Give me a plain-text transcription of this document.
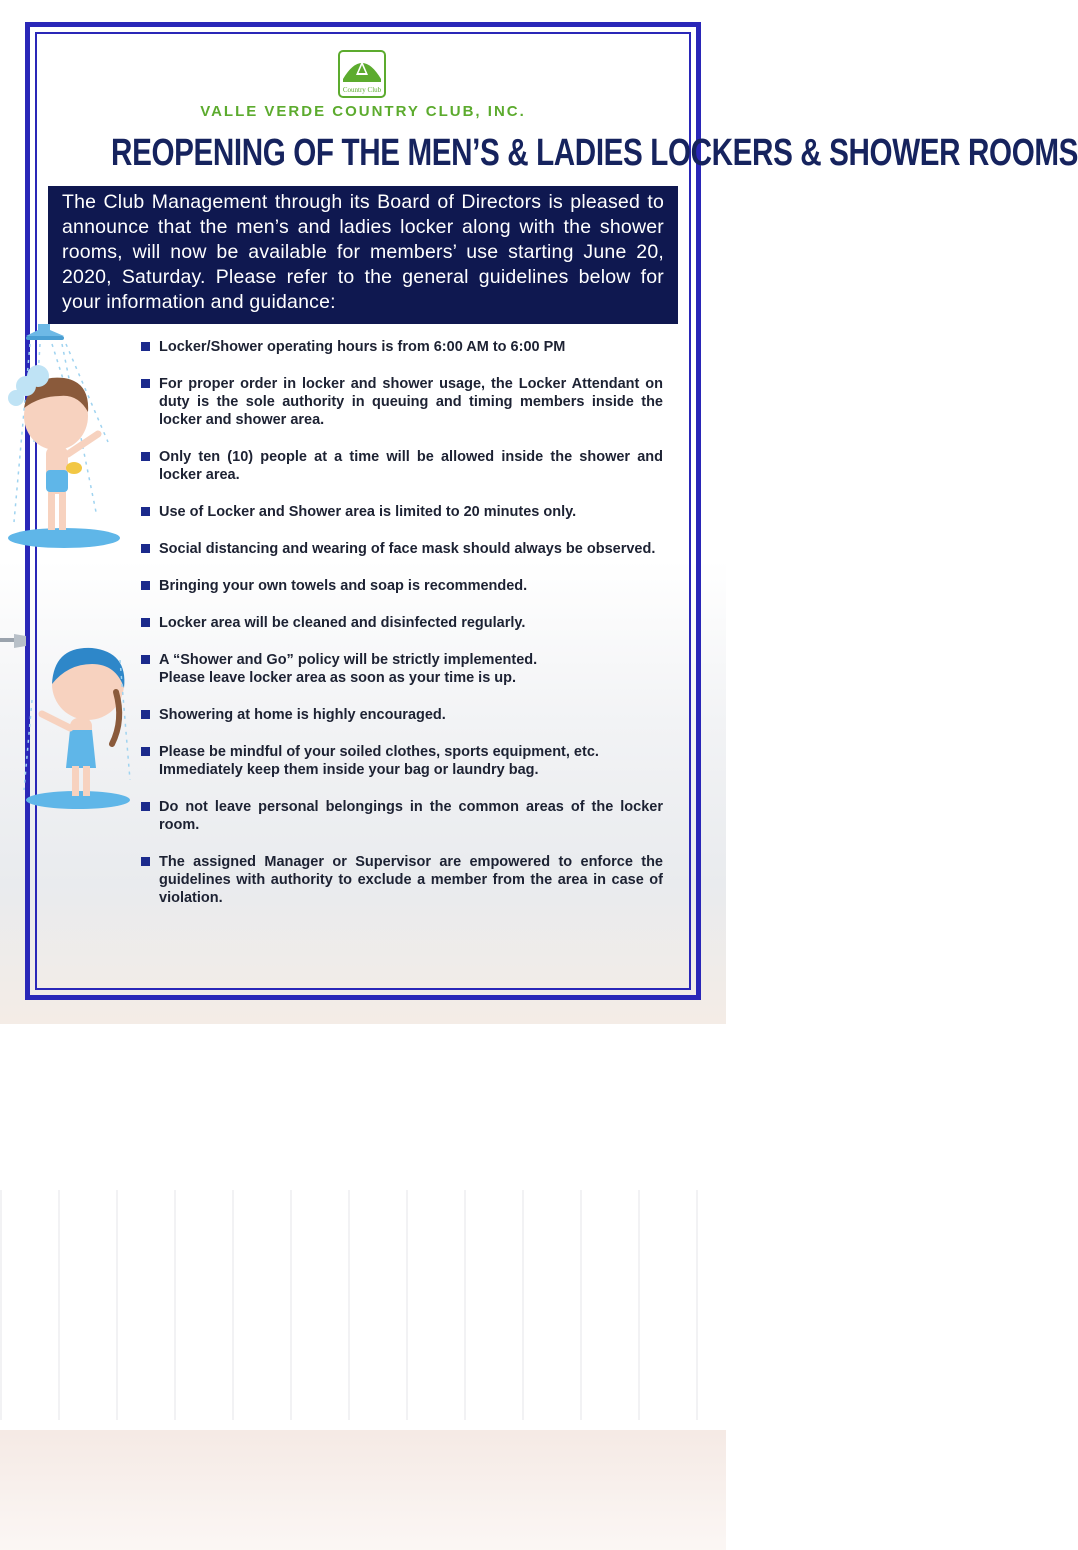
Country Club
VALLE VERDE COUNTRY CLUB, INC.
REOPENING OF THE MEN’S & LADIES LOCKERS & SHOWER ROOMS

The Club Management through its Board of Directors is pleased to announce that the men’s and ladies locker along with the shower rooms, will now be available for members’ use starting June 20, 2020, Saturday. Please refer to the general guidelines below for your information and guidance:

Locker/Shower operating hours is from 6:00 AM to 6:00 PM
For proper order in locker and shower usage, the Locker Attendant on duty is the sole authority in queuing and timing members inside the locker and shower area.
Only ten (10) people at a time will be allowed inside the shower and locker area.
Use of Locker and Shower area is limited to 20 minutes only.
Social distancing and wearing of face mask should always be observed.
Bringing your own towels and soap is recommended.
Locker area will be cleaned and disinfected regularly.
A “Shower and Go” policy will be strictly implemented.
Please leave locker area as soon as your time is up.
Showering at home is highly encouraged.
Please be mindful of your soiled clothes, sports equipment, etc.
Immediately keep them inside your bag or laundry bag.
Do not leave personal belongings in the common areas of the locker room.
The assigned Manager or Supervisor are empowered to enforce the guidelines with authority to exclude a member from the area in case of violation.
